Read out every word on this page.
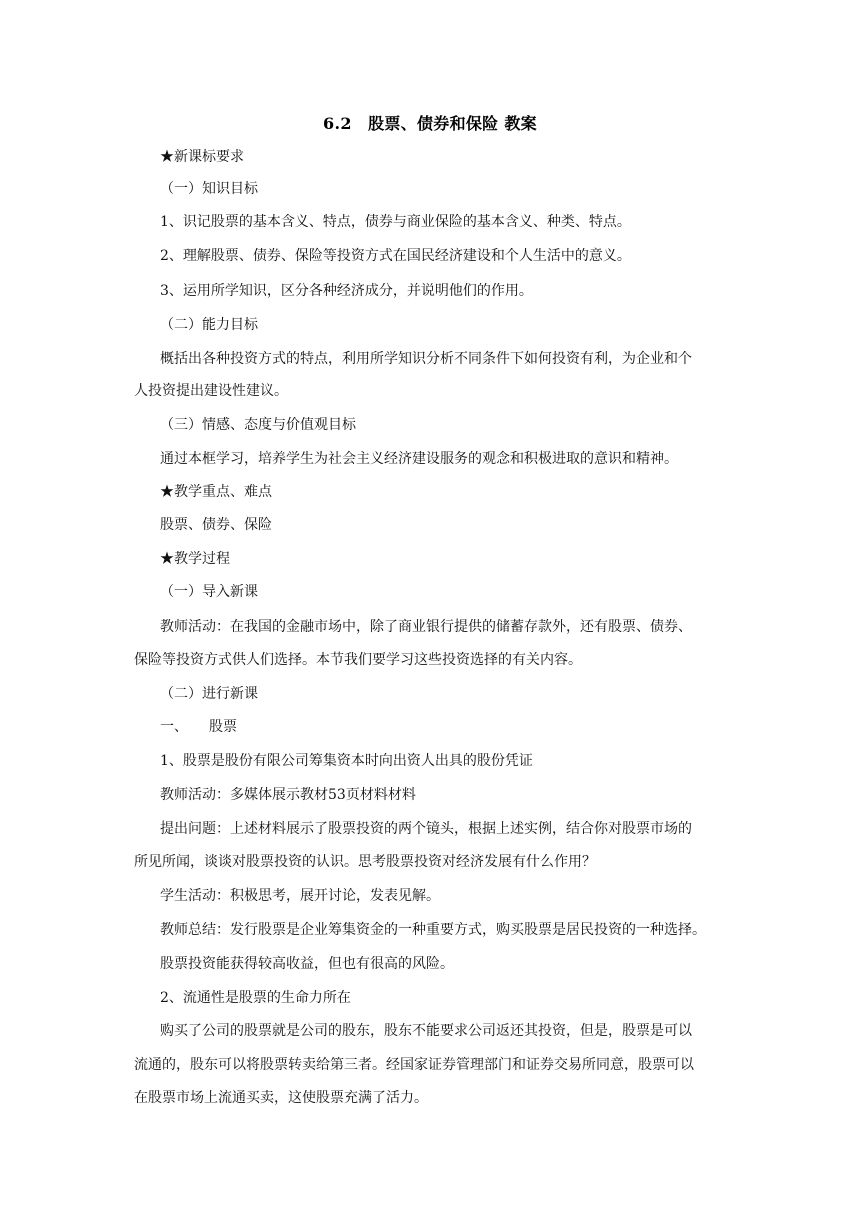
6.2　股票、债券和保险 教案
★新课标要求
（一）知识目标
1、识记股票的基本含义、特点，债券与商业保险的基本含义、种类、特点。
2、理解股票、债券、保险等投资方式在国民经济建设和个人生活中的意义。
3、运用所学知识，区分各种经济成分，并说明他们的作用。
（二）能力目标
概括出各种投资方式的特点，利用所学知识分析不同条件下如何投资有利，为企业和个
人投资提出建设性建议。
（三）情感、态度与价值观目标
通过本框学习，培养学生为社会主义经济建设服务的观念和积极进取的意识和精神。
★教学重点、难点
股票、债券、保险
★教学过程
（一）导入新课
教师活动：在我国的金融市场中，除了商业银行提供的储蓄存款外，还有股票、债券、
保险等投资方式供人们选择。本节我们要学习这些投资选择的有关内容。
（二）进行新课
一、　　股票
1、股票是股份有限公司筹集资本时向出资人出具的股份凭证
教师活动：多媒体展示教材53页材料材料
提出问题：上述材料展示了股票投资的两个镜头，根据上述实例，结合你对股票市场的
所见所闻，谈谈对股票投资的认识。思考股票投资对经济发展有什么作用？
学生活动：积极思考，展开讨论，发表见解。
教师总结：发行股票是企业筹集资金的一种重要方式，购买股票是居民投资的一种选择。
股票投资能获得较高收益，但也有很高的风险。
2、流通性是股票的生命力所在
购买了公司的股票就是公司的股东，股东不能要求公司返还其投资，但是，股票是可以
流通的，股东可以将股票转卖给第三者。经国家证券管理部门和证券交易所同意，股票可以
在股票市场上流通买卖，这使股票充满了活力。
